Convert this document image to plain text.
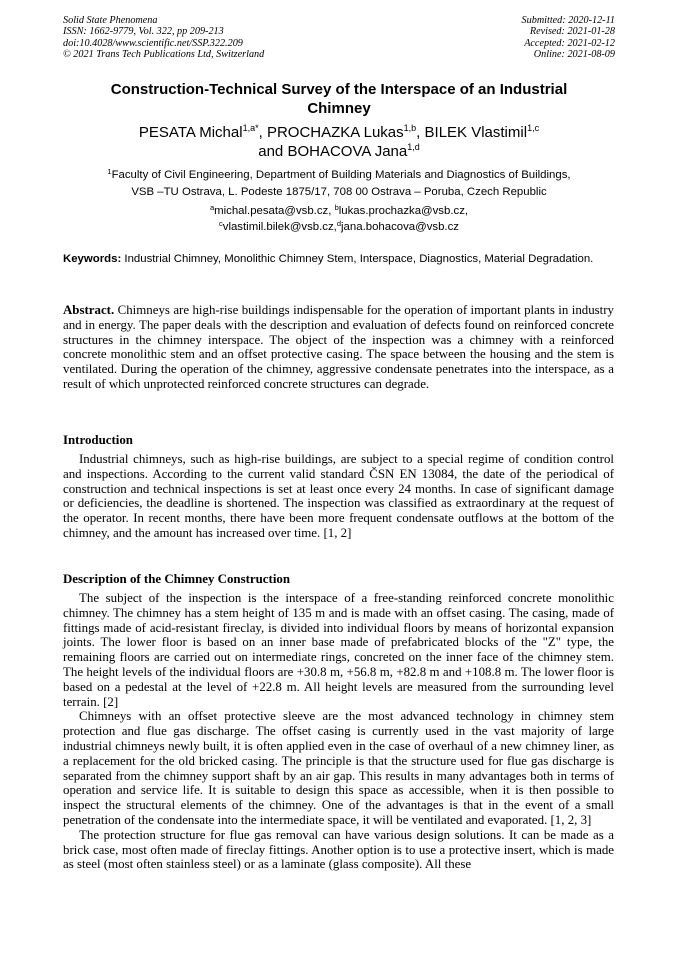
Solid State Phenomena
ISSN: 1662-9779, Vol. 322, pp 209-213
doi:10.4028/www.scientific.net/SSP.322.209
© 2021 Trans Tech Publications Ltd, Switzerland
Submitted: 2020-12-11
Revised: 2021-01-28
Accepted: 2021-02-12
Online: 2021-08-09
Construction-Technical Survey of the Interspace of an Industrial Chimney
PESATA Michal$^{1,a*}$, PROCHAZKA Lukas$^{1,b}$, BILEK Vlastimil$^{1,c}$
and BOHACOVA Jana$^{1,d}$
$^1$Faculty of Civil Engineering, Department of Building Materials and Diagnostics of Buildings,
VSB –TU Ostrava, L. Podeste 1875/17, 708 00 Ostrava – Poruba, Czech Republic
$^a$michal.pesata@vsb.cz, $^b$lukas.prochazka@vsb.cz,
$^c$vlastimil.bilek@vsb.cz,$^d$jana.bohacova@vsb.cz
Keywords: Industrial Chimney, Monolithic Chimney Stem, Interspace, Diagnostics, Material Degradation.
Abstract. Chimneys are high-rise buildings indispensable for the operation of important plants in industry and in energy. The paper deals with the description and evaluation of defects found on reinforced concrete structures in the chimney interspace. The object of the inspection was a chimney with a reinforced concrete monolithic stem and an offset protective casing. The space between the housing and the stem is ventilated. During the operation of the chimney, aggressive condensate penetrates into the interspace, as a result of which unprotected reinforced concrete structures can degrade.
Introduction

Industrial chimneys, such as high-rise buildings, are subject to a special regime of condition control and inspections. According to the current valid standard ČSN EN 13084, the date of the periodical of construction and technical inspections is set at least once every 24 months. In case of significant damage or deficiencies, the deadline is shortened. The inspection was classified as extraordinary at the request of the operator. In recent months, there have been more frequent condensate outflows at the bottom of the chimney, and the amount has increased over time. [1, 2]

Description of the Chimney Construction

The subject of the inspection is the interspace of a free-standing reinforced concrete monolithic chimney. The chimney has a stem height of 135 m and is made with an offset casing. The casing, made of fittings made of acid-resistant fireclay, is divided into individual floors by means of horizontal expansion joints. The lower floor is based on an inner base made of prefabricated blocks of the "Z" type, the remaining floors are carried out on intermediate rings, concreted on the inner face of the chimney stem. The height levels of the individual floors are +30.8 m, +56.8 m, +82.8 m and +108.8 m. The lower floor is based on a pedestal at the level of +22.8 m. All height levels are measured from the surrounding level terrain. [2]

Chimneys with an offset protective sleeve are the most advanced technology in chimney stem protection and flue gas discharge. The offset casing is currently used in the vast majority of large industrial chimneys newly built, it is often applied even in the case of overhaul of a new chimney liner, as a replacement for the old bricked casing. The principle is that the structure used for flue gas discharge is separated from the chimney support shaft by an air gap. This results in many advantages both in terms of operation and service life. It is suitable to design this space as accessible, when it is then possible to inspect the structural elements of the chimney. One of the advantages is that in the event of a small penetration of the condensate into the intermediate space, it will be ventilated and evaporated. [1, 2, 3]

The protection structure for flue gas removal can have various design solutions. It can be made as a brick case, most often made of fireclay fittings. Another option is to use a protective insert, which is made as steel (most often stainless steel) or as a laminate (glass composite). All these
